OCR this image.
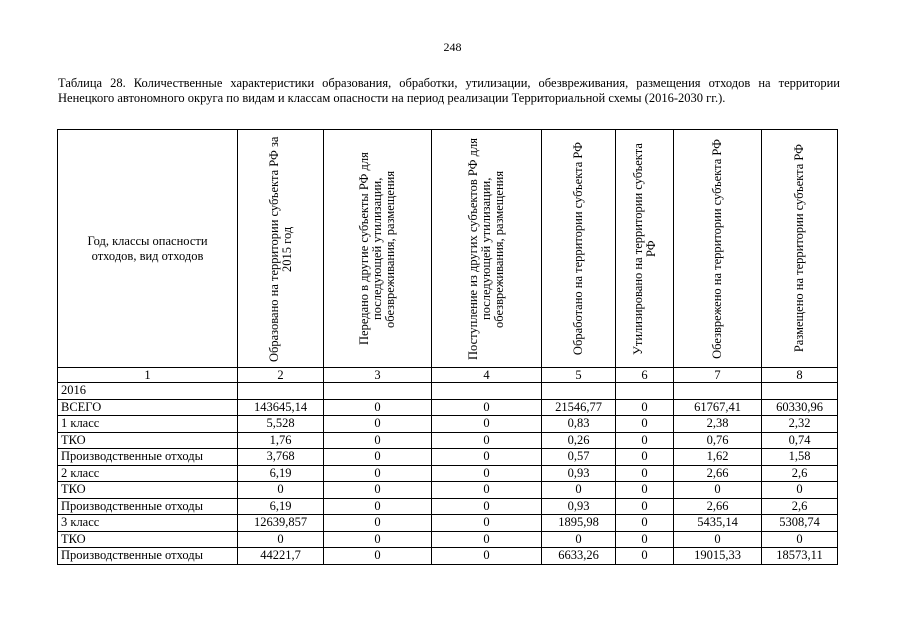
248
Таблица 28. Количественные характеристики образования, обработки, утилизации, обезвреживания, размещения отходов на территории Ненецкого автономного округа по видам и классам опасности на период реализации Территориальной схемы (2016-2030 гг.).
Год, классы опасности отходов, вид отходов	Образовано на территории субъекта РФ за 2015 год	Передано в другие субъекты РФ для последующей утилизации, обезвреживания, размещения	Поступление из других субъектов РФ для последующей утилизации, обезвреживания, размещения	Обработано на территории субъекта РФ	Утилизировано на территории субъекта РФ	Обезврежено на территории субъекта РФ	Размещено на территории субъекта РФ

1	2	3	4	5	6	7	8
2016							
ВСЕГО	143645,14	0	0	21546,77	0	61767,41	60330,96
1 класс	5,528	0	0	0,83	0	2,38	2,32
ТКО	1,76	0	0	0,26	0	0,76	0,74
Производственные отходы	3,768	0	0	0,57	0	1,62	1,58
2 класс	6,19	0	0	0,93	0	2,66	2,6
ТКО	0	0	0	0	0	0	0
Производственные отходы	6,19	0	0	0,93	0	2,66	2,6
3 класс	12639,857	0	0	1895,98	0	5435,14	5308,74
ТКО	0	0	0	0	0	0	0
Производственные отходы	44221,7	0	0	6633,26	0	19015,33	18573,11
